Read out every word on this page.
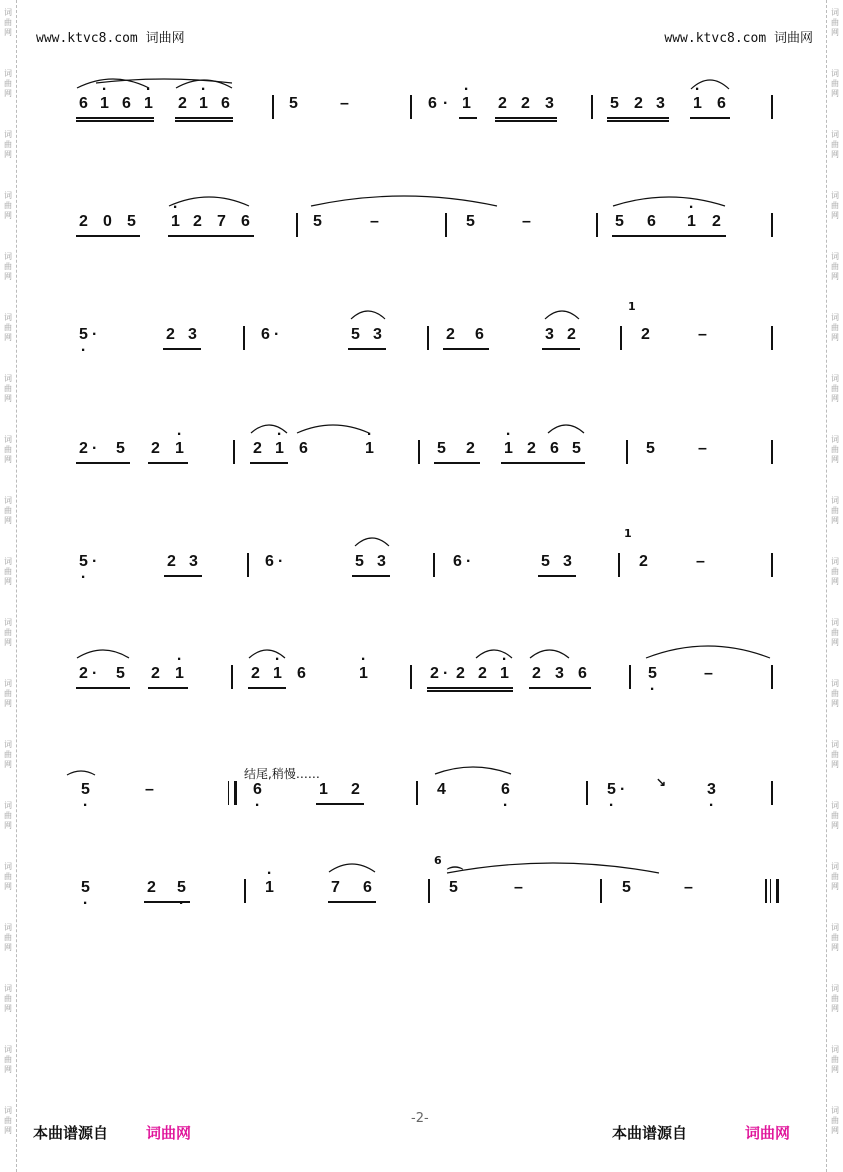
词
曲
网
词
曲
网
词
曲
网
词
曲
网
词
曲
网
词
曲
网
词
曲
网
词
曲
网
词
曲
网
词
曲
网
词
曲
网
词
曲
网
词
曲
网
词
曲
网
词
曲
网
词
曲
网
词
曲
网
词
曲
网
词
曲
网
词
曲
网
词
曲
网
词
曲
网
词
曲
网
词
曲
网
词
曲
网
词
曲
网
词
曲
网
词
曲
网
词
曲
网
词
曲
网
词
曲
网
词
曲
网
词
曲
网
词
曲
网
词
曲
网
词
曲
网
词
曲
网
词
曲
网
www.ktvc8.com 词曲网	www.ktvc8.com 词曲网
6 · 1 6 · 1 2 · 1 6	5	–	6 · · 1 2 2 3	5 2 3 · 1 6
2 0 5 · 1 2 7 6	5	–	5	–	5 6 · 1 2
5 · ·	2 3	6 ·	5 3	2 6	3 2
1
2	–
2 · 5 2 · 1	2 · 1 6	· 1	5 2 · 1 2 6 5	5	–
5 · ·	2 3	6 ·	5 3	6 ·	5 3
1
2	–
2 · 5 2 · 1	2 · 1 6	· 1	2 · 2 2 · 1 2 3 6	5 ·	–
5 ·	–	6 ·	1 2	4	6 ·	5 · ·	↘	3 ·
5 ·	2 5 ·	· 1	7 6
6
5
⌒
–	5	–
结尾,稍慢……
本曲谱源自	词曲网	本曲谱源自	词曲网
-2-
